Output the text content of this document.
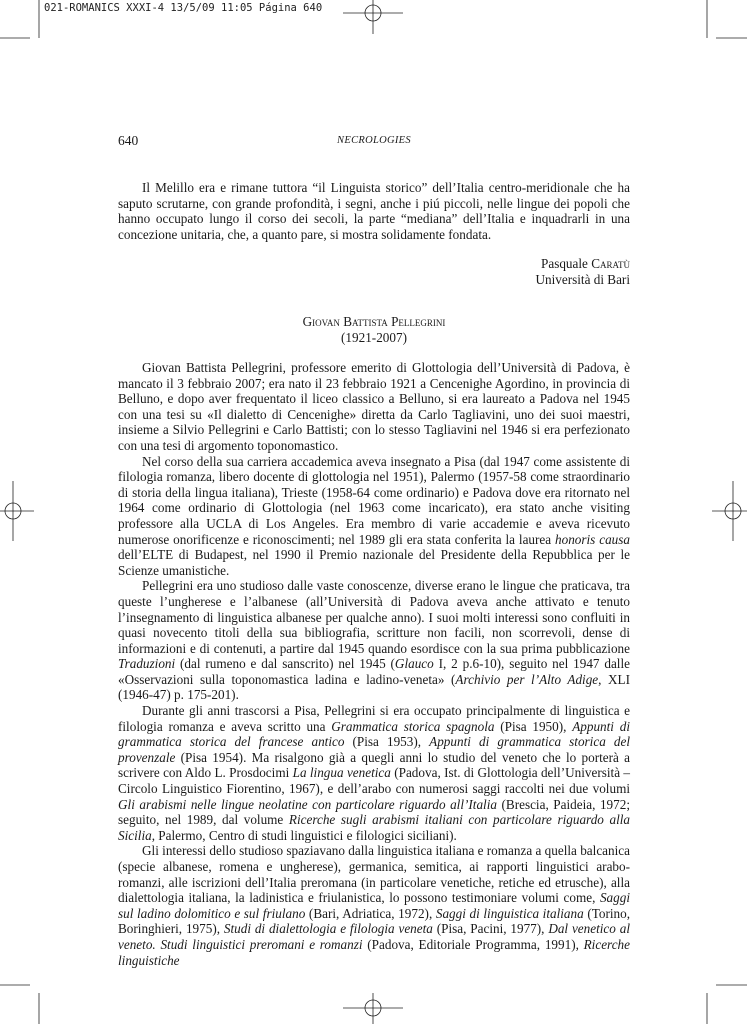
021-ROMANICS XXXI-4 13/5/09 11:05 Página 640
640	NECROLOGIES

Il Melillo era e rimane tuttora “il Linguista storico” dell’Italia centro-meridionale che ha saputo scrutarne, con grande profondità, i segni, anche i piú piccoli, nelle lingue dei popoli che hanno occupato lungo il corso dei secoli, la parte “mediana” dell’Italia e inquadrarli in una concezione unitaria, che, a quanto pare, si mostra solidamente fondata.

Pasquale Caratù
Università di Bari
Giovan Battista Pellegrini
(1921-2007)

Giovan Battista Pellegrini, professore emerito di Glottologia dell’Università di Padova, è mancato il 3 febbraio 2007; era nato il 23 febbraio 1921 a Cencenighe Agordino, in provincia di Belluno, e dopo aver frequentato il liceo classico a Belluno, si era laureato a Padova nel 1945 con una tesi su «Il dialetto di Cencenighe» diretta da Carlo Tagliavini, uno dei suoi maestri, insieme a Silvio Pellegrini e Carlo Battisti; con lo stesso Tagliavini nel 1946 si era perfezionato con una tesi di argomento toponomastico.

Nel corso della sua carriera accademica aveva insegnato a Pisa (dal 1947 come assistente di filologia romanza, libero docente di glottologia nel 1951), Palermo (1957-58 come straordinario di storia della lingua italiana), Trieste (1958-64 come ordinario) e Padova dove era ritornato nel 1964 come ordinario di Glottologia (nel 1963 come incaricato), era stato anche visiting professore alla UCLA di Los Angeles. Era membro di varie accademie e aveva ricevuto numerose onorificenze e riconoscimenti; nel 1989 gli era stata conferita la laurea honoris causa dell’ELTE di Budapest, nel 1990 il Premio nazionale del Presidente della Repubblica per le Scienze umanistiche.

Pellegrini era uno studioso dalle vaste conoscenze, diverse erano le lingue che praticava, tra queste l’ungherese e l’albanese (all’Università di Padova aveva anche attivato e tenuto l’insegnamento di linguistica albanese per qualche anno). I suoi molti interessi sono confluiti in quasi novecento titoli della sua bibliografia, scritture non facili, non scorrevoli, dense di informazioni e di contenuti, a partire dal 1945 quando esordisce con la sua prima pubblicazione Traduzioni (dal rumeno e dal sanscrito) nel 1945 (Glauco I, 2 p.6-10), seguito nel 1947 dalle «Osservazioni sulla toponomastica ladina e ladino-veneta» (Archivio per l’Alto Adige, XLI (1946-47) p. 175-201).

Durante gli anni trascorsi a Pisa, Pellegrini si era occupato principalmente di linguistica e filologia romanza e aveva scritto una Grammatica storica spagnola (Pisa 1950), Appunti di grammatica storica del francese antico (Pisa 1953), Appunti di grammatica storica del provenzale (Pisa 1954). Ma risalgono già a quegli anni lo studio del veneto che lo porterà a scrivere con Aldo L. Prosdocimi La lingua venetica (Padova, Ist. di Glottologia dell’Università – Circolo Linguistico Fiorentino, 1967), e dell’arabo con numerosi saggi raccolti nei due volumi Gli arabismi nelle lingue neolatine con particolare riguardo all’Italia (Brescia, Paideia, 1972; seguito, nel 1989, dal volume Ricerche sugli arabismi italiani con particolare riguardo alla Sicilia, Palermo, Centro di studi linguistici e filologici siciliani).

Gli interessi dello studioso spaziavano dalla linguistica italiana e romanza a quella balcanica (specie albanese, romena e ungherese), germanica, semitica, ai rapporti linguistici arabo-romanzi, alle iscrizioni dell’Italia preromana (in particolare venetiche, retiche ed etrusche), alla dialettologia italiana, la ladinistica e friulanistica, lo possono testimoniare volumi come, Saggi sul ladino dolomitico e sul friulano (Bari, Adriatica, 1972), Saggi di linguistica italiana (Torino, Boringhieri, 1975), Studi di dialettologia e filologia veneta (Pisa, Pacini, 1977), Dal venetico al veneto. Studi linguistici preromani e romanzi (Padova, Editoriale Programma, 1991), Ricerche linguistiche
